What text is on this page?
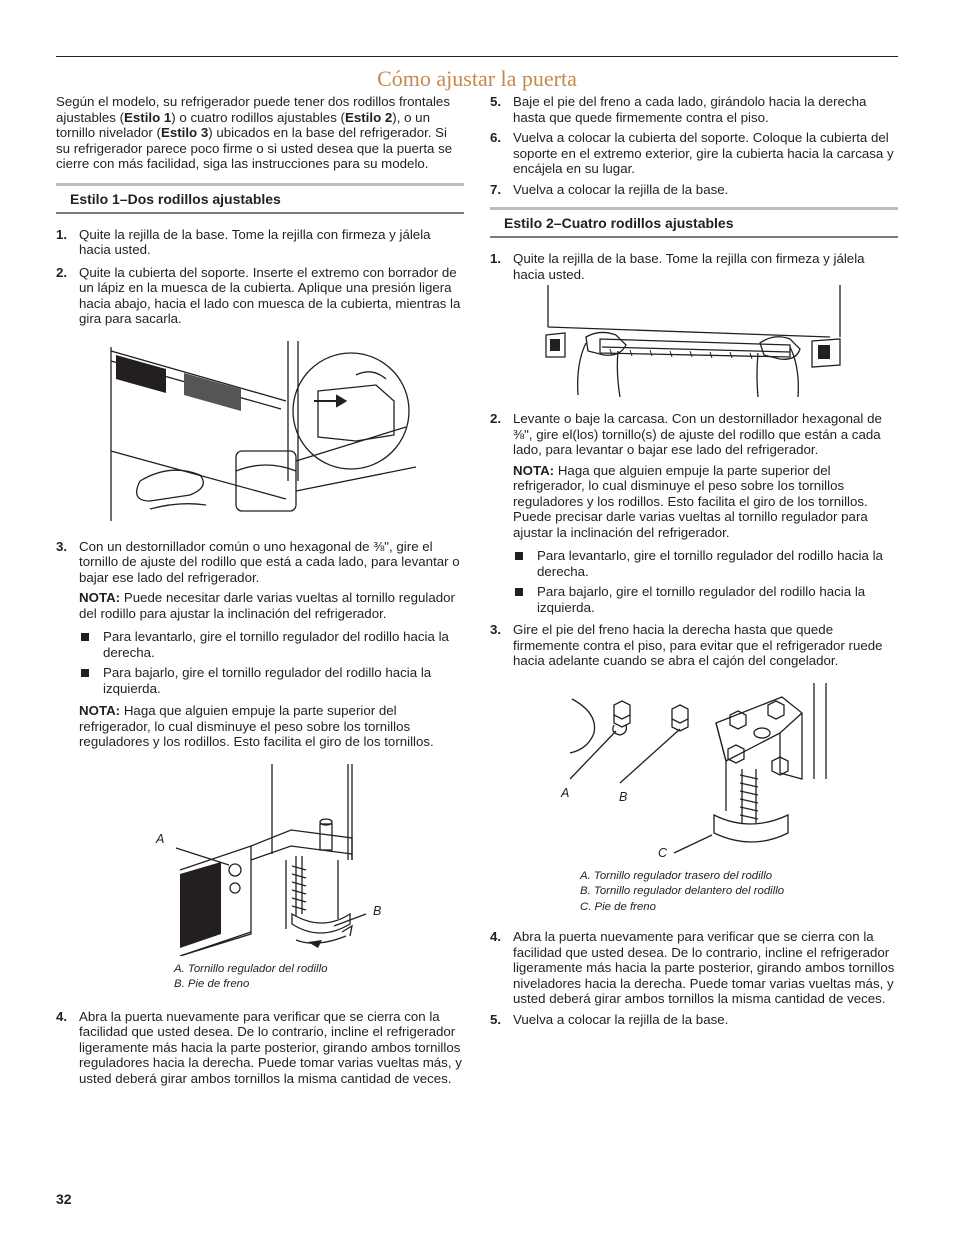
Cómo ajustar la puerta

Según el modelo, su refrigerador puede tener dos rodillos frontales ajustables (Estilo 1) o cuatro rodillos ajustables (Estilo 2), o un tornillo nivelador (Estilo 3) ubicados en la base del refrigerador. Si su refrigerador parece poco firme o si usted desea que la puerta se cierre con más facilidad, siga las instrucciones para su modelo.

Estilo 1–Dos rodillos ajustables
1. Quite la rejilla de la base. Tome la rejilla con firmeza y jálela hacia usted.
2. Quite la cubierta del soporte. Inserte el extremo con borrador de un lápiz en la muesca de la cubierta. Aplique una presión ligera hacia abajo, hacia el lado con muesca de la cubierta, mientras la gira para sacarla.
3. Con un destornillador común o uno hexagonal de ⅜", gire el tornillo de ajuste del rodillo que está a cada lado, para levantar o bajar ese lado del refrigerador.

NOTA: Puede necesitar darle varias vueltas al tornillo regulador del rodillo para ajustar la inclinación del refrigerador.

Para levantarlo, gire el tornillo regulador del rodillo hacia la derecha.
Para bajarlo, gire el tornillo regulador del rodillo hacia la izquierda.

NOTA: Haga que alguien empuje la parte superior del refrigerador, lo cual disminuye el peso sobre los tornillos reguladores y los rodillos. Esto facilita el giro de los tornillos.

A
B
A. Tornillo regulador del rodillo
B. Pie de freno
4. Abra la puerta nuevamente para verificar que se cierra con la facilidad que usted desea. De lo contrario, incline el refrigerador ligeramente más hacia la parte posterior, girando ambos tornillos reguladores hacia la derecha. Puede tomar varias vueltas más, y usted deberá girar ambos tornillos la misma cantidad de veces.
5. Baje el pie del freno a cada lado, girándolo hacia la derecha hasta que quede firmemente contra el piso.
6. Vuelva a colocar la cubierta del soporte. Coloque la cubierta del soporte en el extremo exterior, gire la cubierta hacia la carcasa y encájela en su lugar.
7. Vuelva a colocar la rejilla de la base.
Estilo 2–Cuatro rodillos ajustables
1. Quite la rejilla de la base. Tome la rejilla con firmeza y jálela hacia usted.
2. Levante o baje la carcasa. Con un destornillador hexagonal de ⅜", gire el(los) tornillo(s) de ajuste del rodillo que están a cada lado, para levantar o bajar ese lado del refrigerador.

NOTA: Haga que alguien empuje la parte superior del refrigerador, lo cual disminuye el peso sobre los tornillos reguladores y los rodillos. Esto facilita el giro de los tornillos. Puede precisar darle varias vueltas al tornillo regulador para ajustar la inclinación del refrigerador.

Para levantarlo, gire el tornillo regulador del rodillo hacia la derecha.
Para bajarlo, gire el tornillo regulador del rodillo hacia la izquierda.
3. Gire el pie del freno hacia la derecha hasta que quede firmemente contra el piso, para evitar que el refrigerador ruede hacia adelante cuando se abra el cajón del congelador.
A	B
C
A. Tornillo regulador trasero del rodillo
B. Tornillo regulador delantero del rodillo
C. Pie de freno
4. Abra la puerta nuevamente para verificar que se cierra con la facilidad que usted desea. De lo contrario, incline el refrigerador ligeramente más hacia la parte posterior, girando ambos tornillos niveladores hacia la derecha. Puede tomar varias vueltas más, y usted deberá girar ambos tornillos la misma cantidad de veces.
5. Vuelva a colocar la rejilla de la base.
32
